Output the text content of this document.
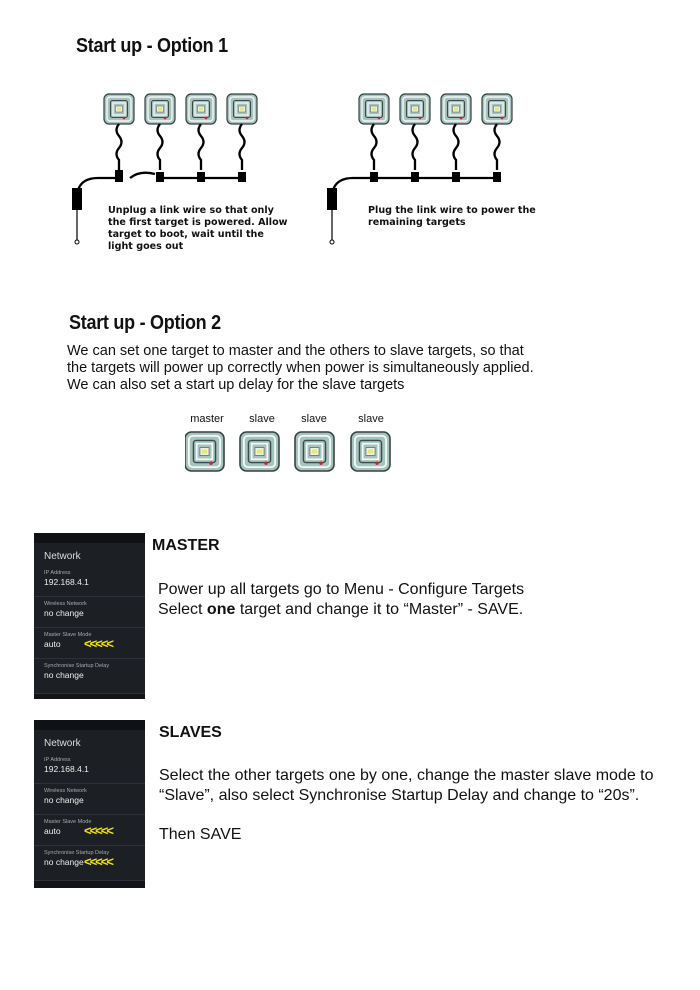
Start up - Option 1
Unplug a link wire so that only the first target is powered. Allow target to boot, wait until the light goes out
Plug the link wire to power the remaining targets
Start up - Option 2
We can set one target to master and the others to slave targets, so that the targets will power up correctly when power is simultaneously applied. We can also set a start up delay for the slave targets
master	slave	slave	slave
Network
IP Address
192.168.4.1
Wireless Network
no change
Master Slave Mode
auto	<<<<<
Synchronise Startup Delay
no change
MASTER
Power up all targets go to Menu - Configure Targets
Select one target and change it to “Master” - SAVE.
Network
IP Address
192.168.4.1
Wireless Network
no change
Master Slave Mode
auto	<<<<<
Synchronise Startup Delay
no change <<<<<
SLAVES
Select the other targets one by one, change the master slave mode to
“Slave”, also select Synchronise Startup Delay and change to “20s”.
Then SAVE
